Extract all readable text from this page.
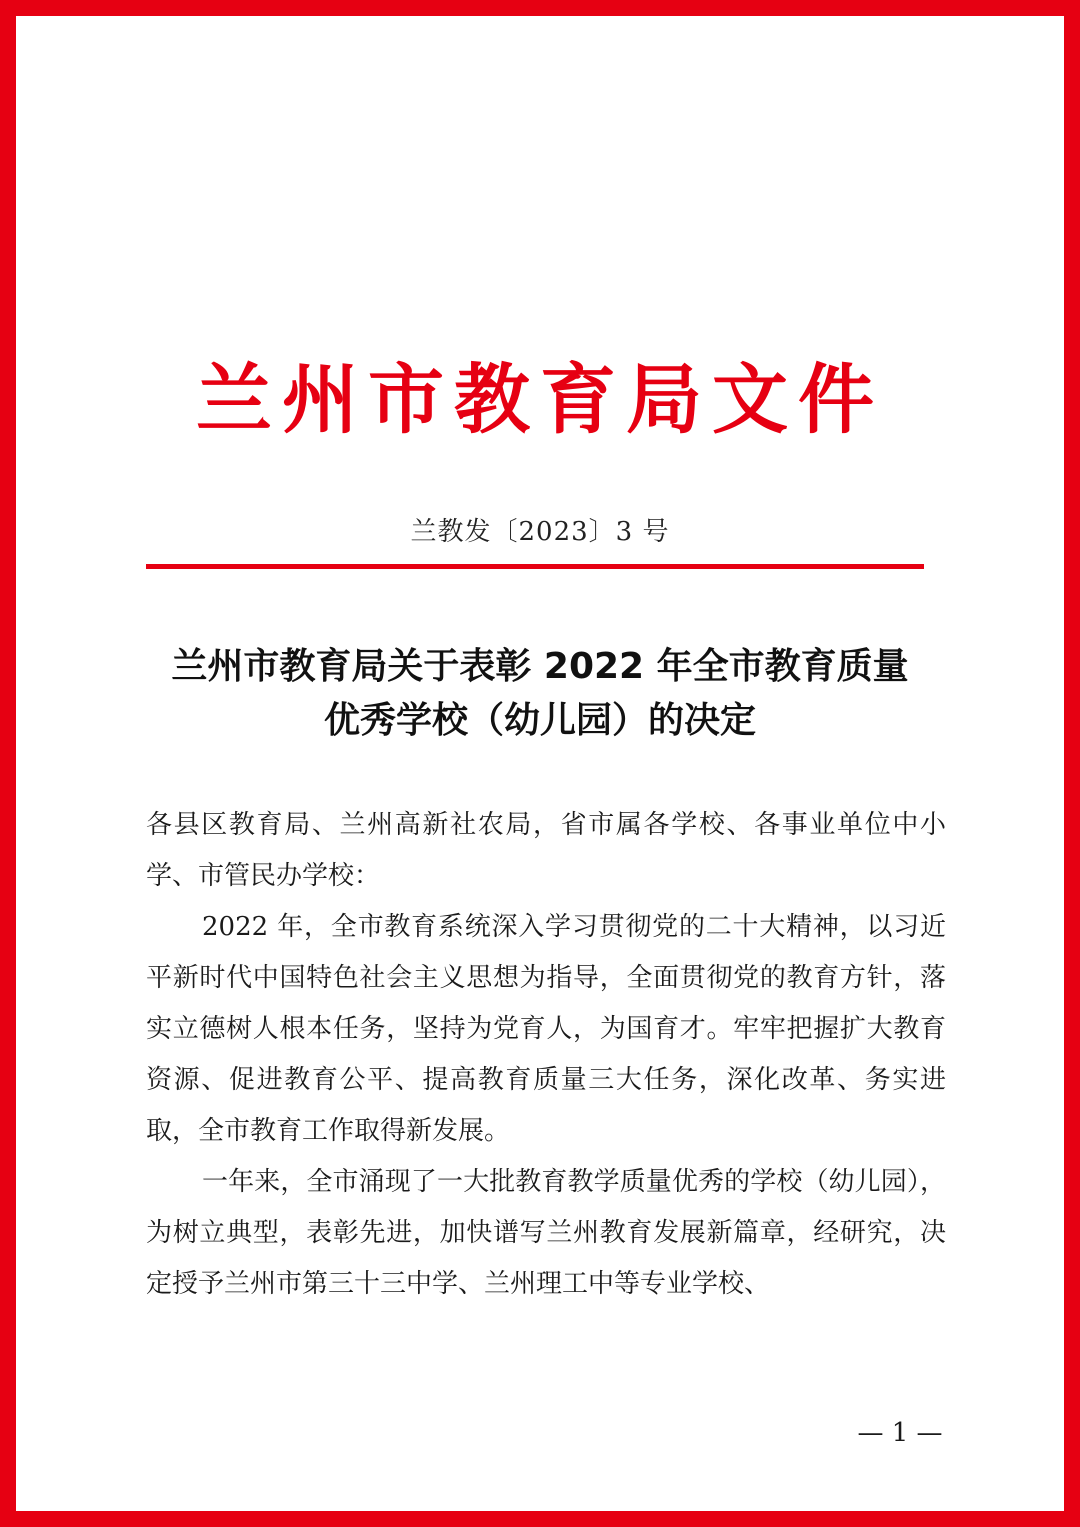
兰州市教育局文件
兰教发〔2023〕3 号
兰州市教育局关于表彰 2022 年全市教育质量
优秀学校（幼儿园）的决定

各县区教育局、兰州高新社农局，省市属各学校、各事业单位中小学、市管民办学校：

2022 年，全市教育系统深入学习贯彻党的二十大精神，以习近平新时代中国特色社会主义思想为指导，全面贯彻党的教育方针，落实立德树人根本任务，坚持为党育人，为国育才。牢牢把握扩大教育资源、促进教育公平、提高教育质量三大任务，深化改革、务实进取，全市教育工作取得新发展。

一年来，全市涌现了一大批教育教学质量优秀的学校（幼儿园），为树立典型，表彰先进，加快谱写兰州教育发展新篇章，经研究，决定授予兰州市第三十三中学、兰州理工中等专业学校、

— 1 —
